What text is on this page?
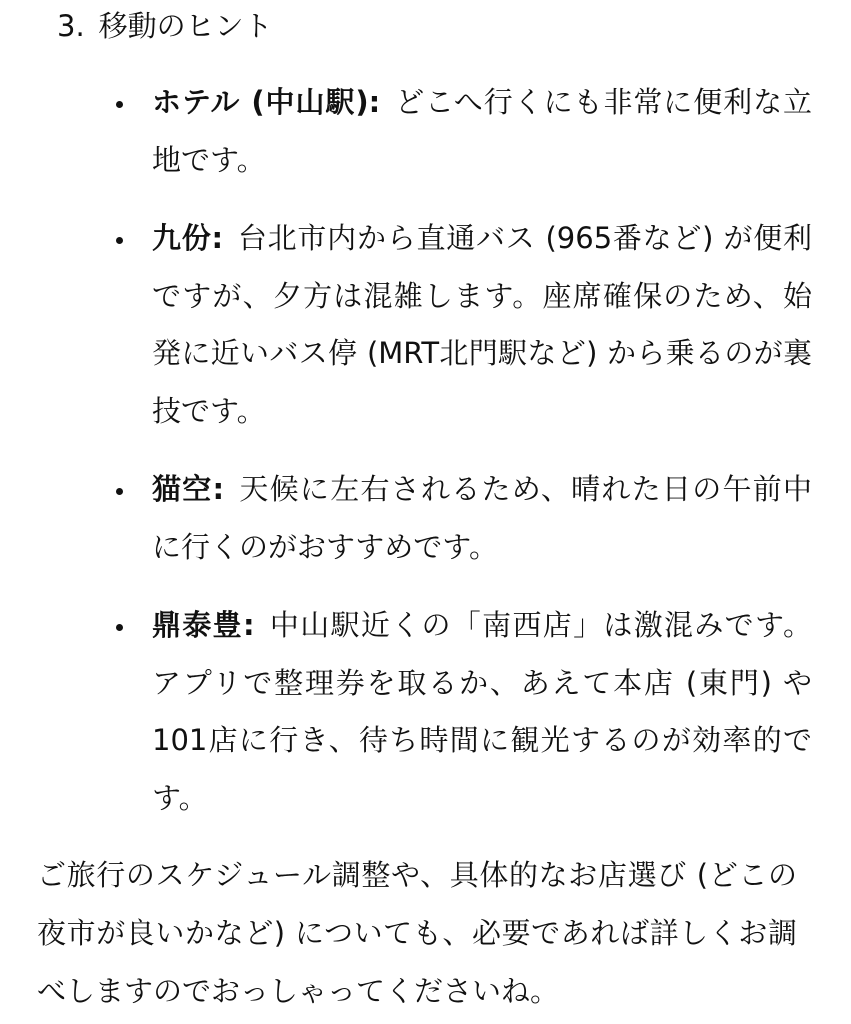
3. 移動のヒント
ホテル (中山駅): どこへ行くにも非常に便利な立地です。
九份: 台北市内から直通バス (965番など) が便利ですが、夕方は混雑します。座席確保のため、始発に近いバス停 (MRT北門駅など) から乗るのが裏技です。
猫空: 天候に左右されるため、晴れた日の午前中に行くのがおすすめです。
鼎泰豊: 中山駅近くの「南西店」は激混みです。アプリで整理券を取るか、あえて本店 (東門) や101店に行き、待ち時間に観光するのが効率的です。

ご旅行のスケジュール調整や、具体的なお店選び (どこの夜市が良いかなど) についても、必要であれば詳しくお調べしますのでおっしゃってくださいね。
